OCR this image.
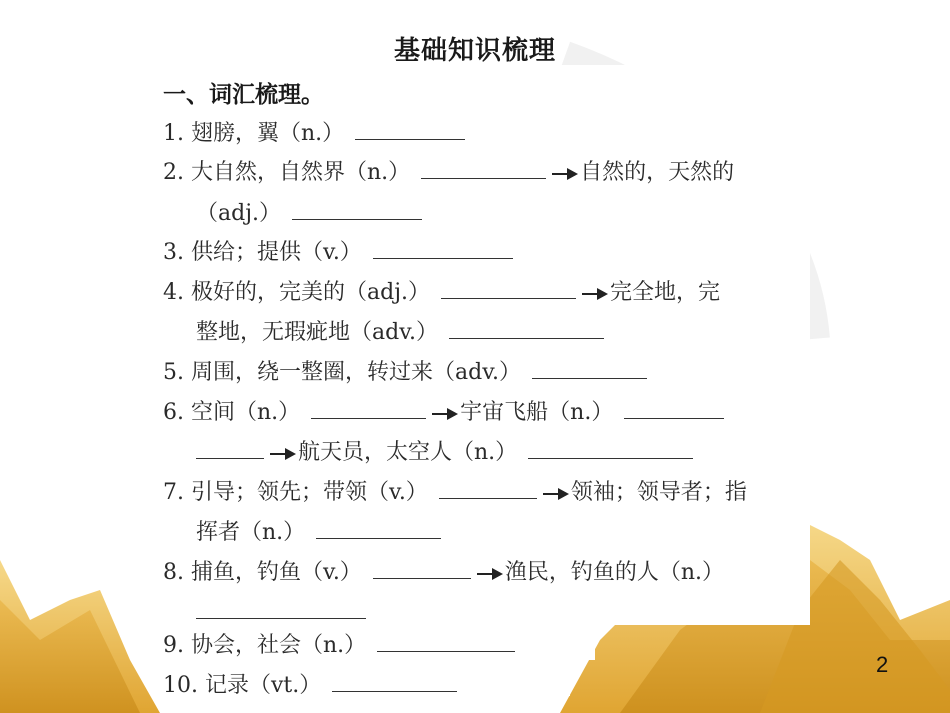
基础知识梳理
一、词汇梳理。
1. 翅膀，翼（n.）
2. 大自然，自然界（n.）	自然的，天然的
（adj.）
3. 供给；提供（v.）
4. 极好的，完美的（adj.）	完全地，完
整地，无瑕疵地（adv.）
5. 周围，绕一整圈，转过来（adv.）
6. 空间（n.）	宇宙飞船（n.）
航天员，太空人（n.）
7. 引导；领先；带领（v.）	领袖；领导者；指
挥者（n.）
8. 捕鱼，钓鱼（v.）	渔民，钓鱼的人（n.）
9. 协会，社会（n.）
10. 记录（vt.）
2
